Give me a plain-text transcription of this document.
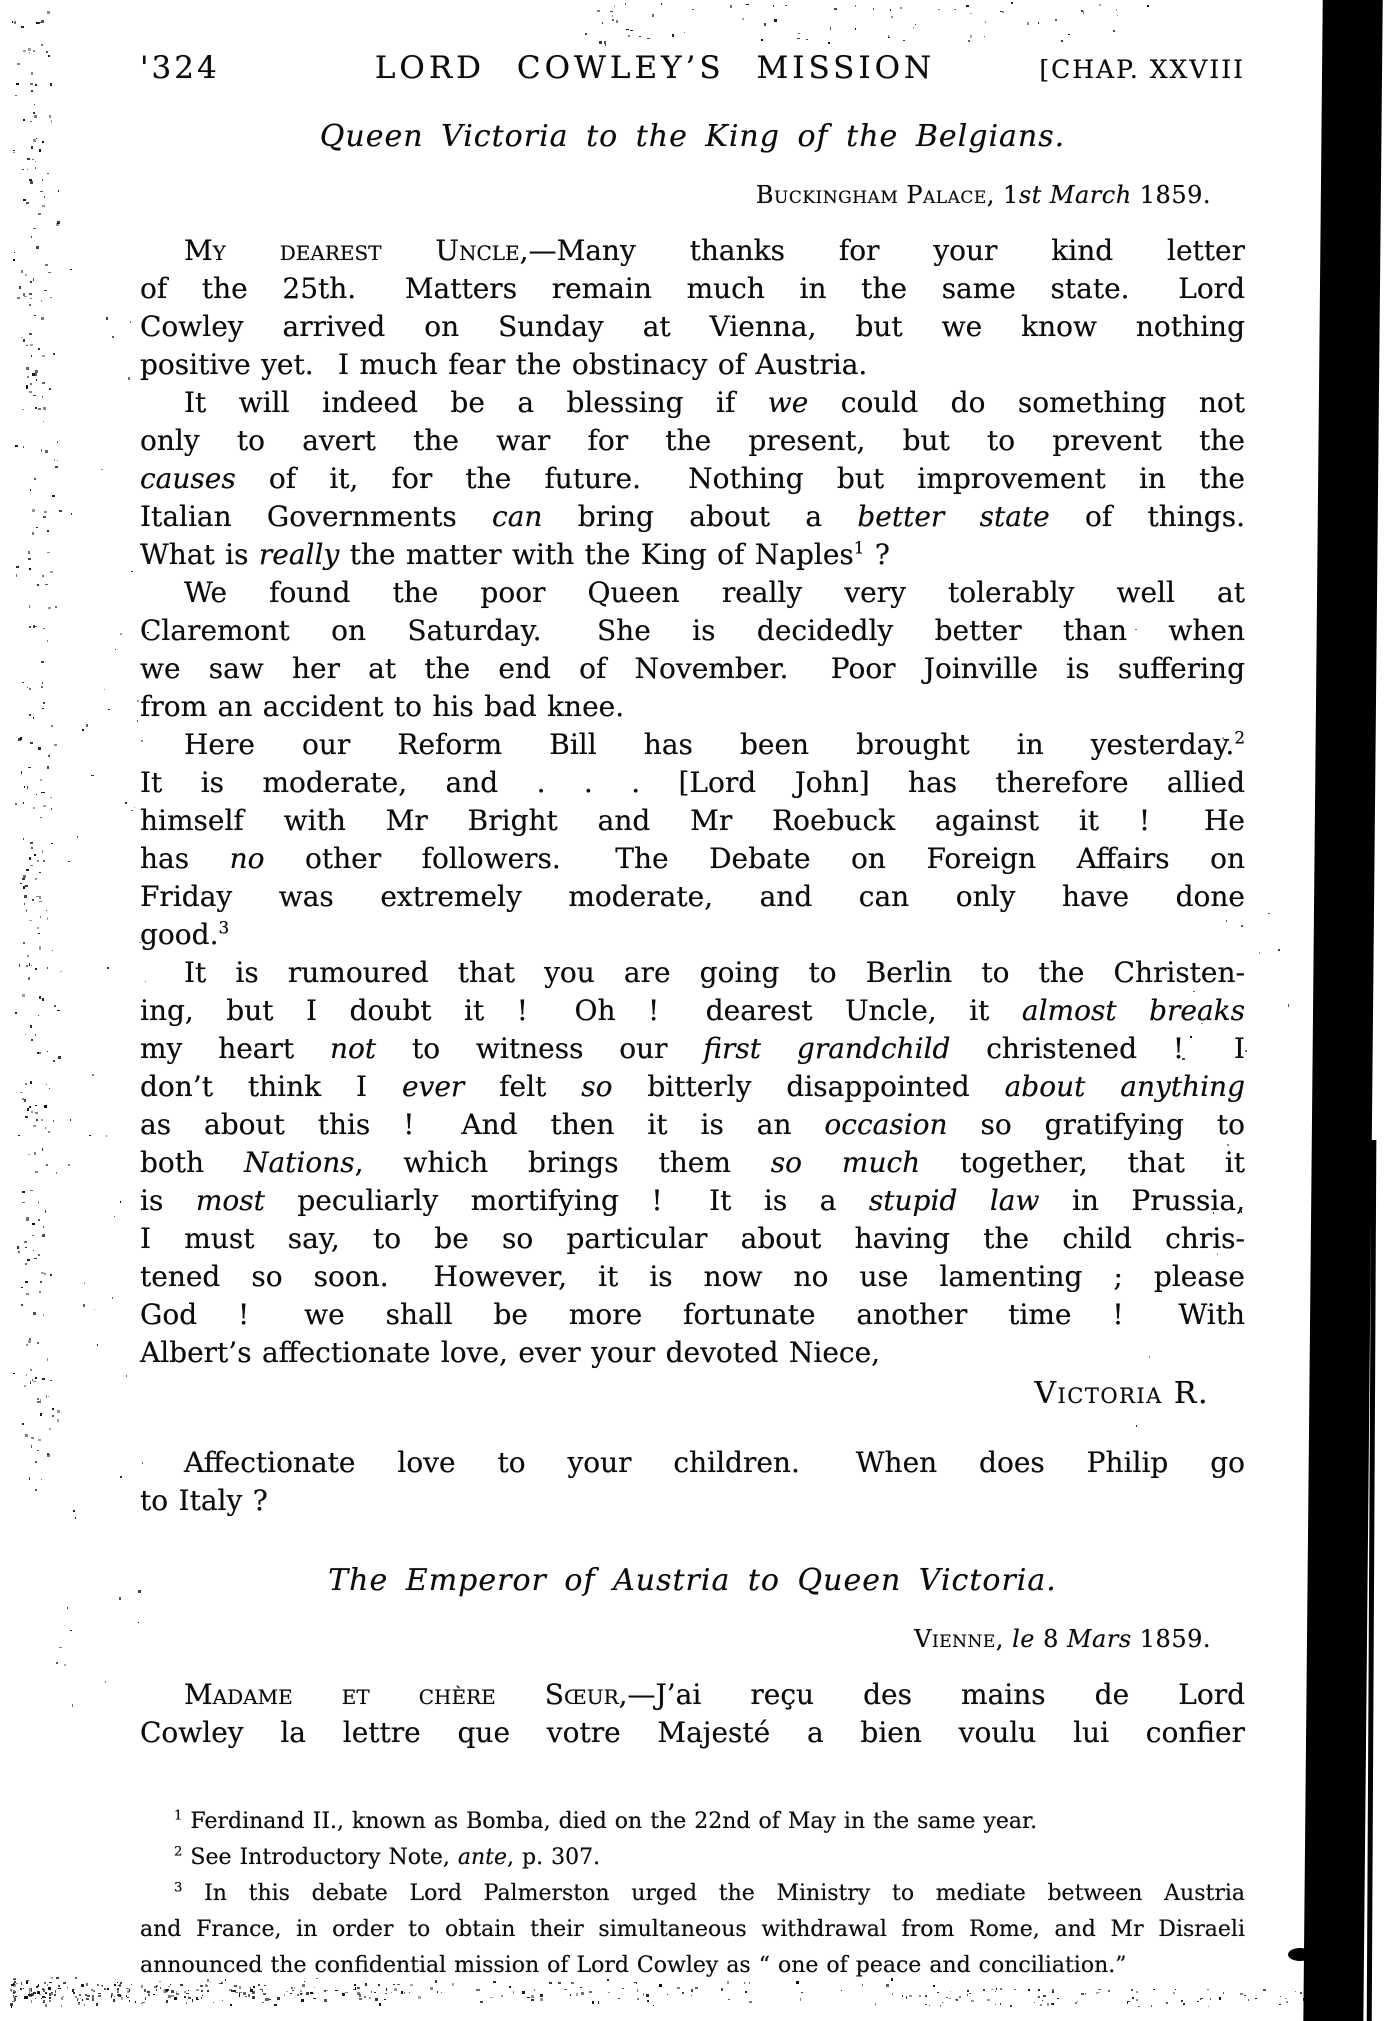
'324	LORD COWLEY’S MISSION	[CHAP. XXVIII
Queen Victoria to the King of the Belgians.
Buckingham Palace, 1st March 1859.
My dearest Uncle,—Many thanks for your kind letter
of the 25th.  Matters remain much in the same state.  Lord
Cowley arrived on Sunday at Vienna, but we know nothing
positive yet.  I much fear the obstinacy of Austria.
It will indeed be a blessing if we could do something not
only to avert the war for the present, but to prevent the
causes of it, for the future.  Nothing but improvement in the
Italian Governments can bring about a better state of things.
What is really the matter with the King of Naples$^1$ ?
We found the poor Queen really very tolerably well at
Claremont on Saturday.  She is decidedly better than when
we saw her at the end of November.  Poor Joinville is suffering
from an accident to his bad knee.
Here our Reform Bill has been brought in yesterday.$^2$
It is moderate, and . . . [Lord John] has therefore allied
himself with Mr Bright and Mr Roebuck against it !  He
has no other followers.  The Debate on Foreign Affairs on
Friday was extremely moderate, and can only have done
good.$^3$
It is rumoured that you are going to Berlin to the Christen-
ing, but I doubt it !  Oh !  dearest Uncle, it almost breaks
my heart not to witness our first grandchild christened !  I
don’t think I ever felt so bitterly disappointed about anything
as about this !  And then it is an occasion so gratifying to
both Nations, which brings them so much together, that it
is most peculiarly mortifying !  It is a stupid law in Prussia,
I must say, to be so particular about having the child chris-
tened so soon.  However, it is now no use lamenting ; please
God !  we shall be more fortunate another time !  With
Albert’s affectionate love, ever your devoted Niece,
Victoria R.
Affectionate love to your children.  When does Philip go
to Italy ?
The Emperor of Austria to Queen Victoria.
Vienne, le 8 Mars 1859.
Madame et chère Sœur,—J’ai reçu des mains de Lord
Cowley la lettre que votre Majesté a bien voulu lui confier
$^1$ Ferdinand II., known as Bomba, died on the 22nd of May in the same year.
$^2$ See Introductory Note, ante, p. 307.
$^3$ In this debate Lord Palmerston urged the Ministry to mediate between Austria
and France, in order to obtain their simultaneous withdrawal from Rome, and Mr Disraeli
announced the confidential mission of Lord Cowley as “ one of peace and conciliation.”
